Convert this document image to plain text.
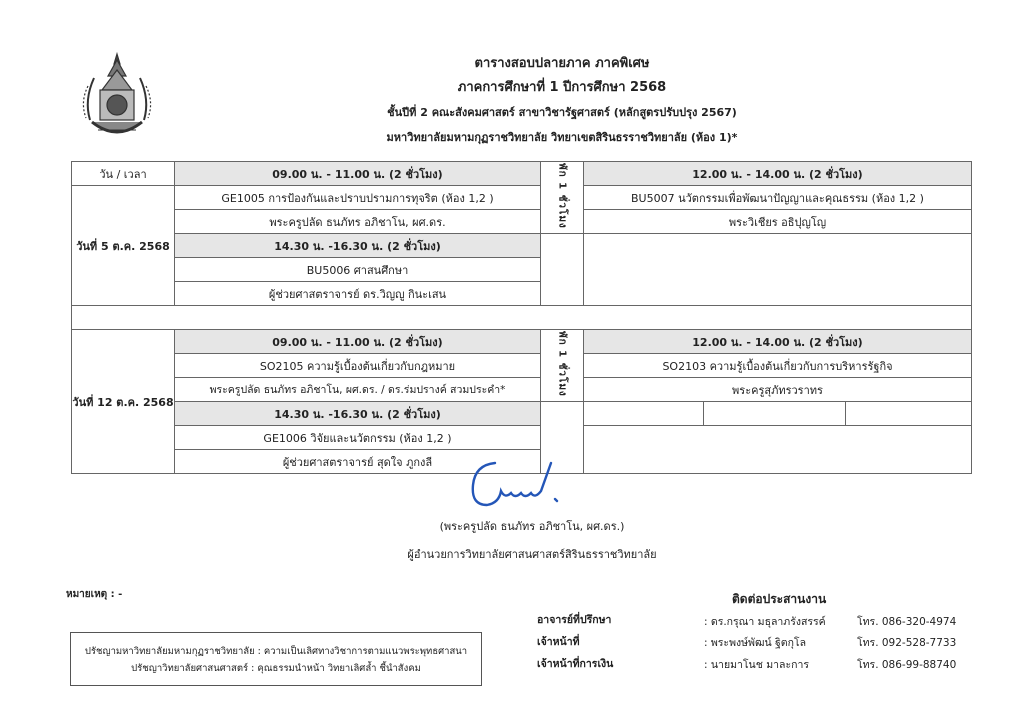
ตารางสอบปลายภาค ภาคพิเศษ
ภาคการศึกษาที่ 1 ปีการศึกษา 2568
ชั้นปีที่ 2 คณะสังคมศาสตร์ สาขาวิชารัฐศาสตร์ (หลักสูตรปรับปรุง 2567)
มหาวิทยาลัยมหามกุฏราชวิทยาลัย วิทยาเขตสิรินธรราชวิทยาลัย (ห้อง 1)*
วัน / เวลา	09.00 น. - 11.00 น. (2 ชั่วโมง)	พัก 1 ชั่วโมง	12.00 น. - 14.00 น. (2 ชั่วโมง)		
วันที่ 5 ต.ค. 2568	GE1005 การป้องกันและปราบปรามการทุจริต (ห้อง 1,2 )		BU5007 นวัตกรรมเพื่อพัฒนาปัญญาและคุณธรรม (ห้อง 1,2 )		
	พระครูปลัด ธนภัทร อภิชาโน, ผศ.ดร.		พระวิเชียร อธิปุญโญ		
	14.30 น. -16.30 น. (2 ชั่วโมง)				
	BU5006 ศาสนศึกษา				
	ผู้ช่วยศาสตราจารย์ ดร.วิญญู กินะเสน				

วันที่ 12 ต.ค. 2568	09.00 น. - 11.00 น. (2 ชั่วโมง)	พัก 1 ชั่วโมง	12.00 น. - 14.00 น. (2 ชั่วโมง)		
	SO2105 ความรู้เบื้องต้นเกี่ยวกับกฎหมาย		SO2103 ความรู้เบื้องต้นเกี่ยวกับการบริหารรัฐกิจ		
	พระครูปลัด ธนภัทร อภิชาโน, ผศ.ดร. / ดร.ร่มปรางค์ สวมประคำ*		พระครูสุภัทรวราทร		
	14.30 น. -16.30 น. (2 ชั่วโมง)				
	GE1006 วิจัยและนวัตกรรม (ห้อง 1,2 )				
	ผู้ช่วยศาสตราจารย์ สุดใจ ภูกงลี				
(พระครูปลัด ธนภัทร อภิชาโน, ผศ.ดร.)
ผู้อำนวยการวิทยาลัยศาสนศาสตร์สิรินธรราชวิทยาลัย
หมายเหตุ : -	ติดต่อประสานงาน
อาจารย์ที่ปรึกษา	: ดร.กรุณา มธุลาภรังสรรค์	โทร. 086-320-4974
เจ้าหน้าที่	: พระพงษ์พัฒน์ ฐิตกุโล	โทร. 092-528-7733
เจ้าหน้าที่การเงิน	: นายมาโนช มาละการ	โทร. 086-99-88740
ปรัชญามหาวิทยาลัยมหามกุฏราชวิทยาลัย : ความเป็นเลิศทางวิชาการตามแนวพระพุทธศาสนา
ปรัชญาวิทยาลัยศาสนศาสตร์ : คุณธรรมนำหน้า วิทยาเลิศล้ำ ชี้นำสังคม
